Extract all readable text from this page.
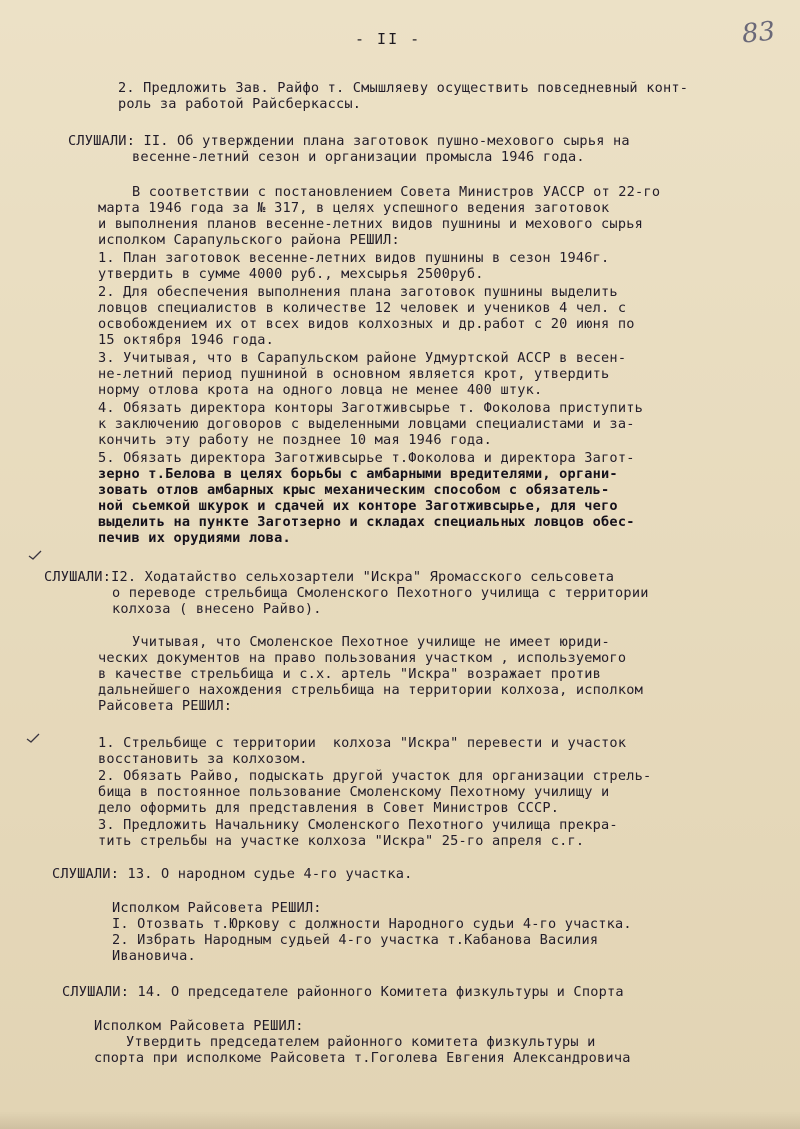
- II -	83
2. Предложить Зав. Райфо т. Смышляеву осуществить повседневный конт-
роль за работой Райсберкассы.
СЛУШАЛИ: II. Об утверждении плана заготовок пушно-мехового сырья на
весенне-летний сезон и организации промысла 1946 года.
В соответствии с постановлением Совета Министров УАССР от 22-го
марта 1946 года за № 317, в целях успешного ведения заготовок
и выполнения планов весенне-летних видов пушнины и мехового сырья
исполком Сарапульского района РЕШИЛ:
1. План заготовок весенне-летних видов пушнины в сезон 1946г.
утвердить в сумме 4000 руб., мехсырья 2500руб.
2. Для обеспечения выполнения плана заготовок пушнины выделить
ловцов специалистов в количестве 12 человек и учеников 4 чел. с
освобождением их от всех видов колхозных и др.работ с 20 июня по
15 октября 1946 года.
3. Учитывая, что в Сарапульском районе Удмуртской АССР в весен-
не-летний период пушниной в основном является крот, утвердить
норму отлова крота на одного ловца не менее 400 штук.
4. Обязать директора конторы Заготживсырье т. Фоколова приступить
к заключению договоров с выделенными ловцами специалистами и за-
кончить эту работу не позднее 10 мая 1946 года.
5. Обязать директора Заготживсырье т.Фоколова и директора Загот-
зерно т.Белова в целях борьбы с амбарными вредителями, органи-
зовать отлов амбарных крыс механическим способом с обязатель-
ной сьемкой шкурок и сдачей их конторе Заготживсырье, для чего
выделить на пункте Заготзерно и складах специальных ловцов обес-
печив их орудиями лова.
СЛУШАЛИ:I2. Ходатайство сельхозартели "Искра" Яромасского сельсовета
о переводе стрельбища Смоленского Пехотного училища с территории
колхоза ( внесено Райво).
Учитывая, что Смоленское Пехотное училище не имеет юриди-
ческих документов на право пользования участком , используемого
в качестве стрельбища и с.х. артель "Искра" возражает против
дальнейшего нахождения стрельбища на территории колхоза, исполком
Райсовета РЕШИЛ:
1. Стрельбище с территории  колхоза "Искра" перевести и участок
восстановить за колхозом.
2. Обязать Райво, подыскать другой участок для организации стрель-
бища в постоянное пользование Смоленскому Пехотному училищу и
дело оформить для представления в Совет Министров СССР.
3. Предложить Начальнику Смоленского Пехотного училища прекра-
тить стрельбы на участке колхоза "Искра" 25-го апреля с.г.
СЛУШАЛИ: 13. О народном судье 4-го участка.
Исполком Райсовета РЕШИЛ:
I. Отозвать т.Юркову с должности Народного судьи 4-го участка.
2. Избрать Народным судьей 4-го участка т.Кабанова Василия
Ивановича.
СЛУШАЛИ: 14. О председателе районного Комитета физкультуры и Спорта
Исполком Райсовета РЕШИЛ:
Утвердить председателем районного комитета физкультуры и
спорта при исполкоме Райсовета т.Гоголева Евгения Александровича
